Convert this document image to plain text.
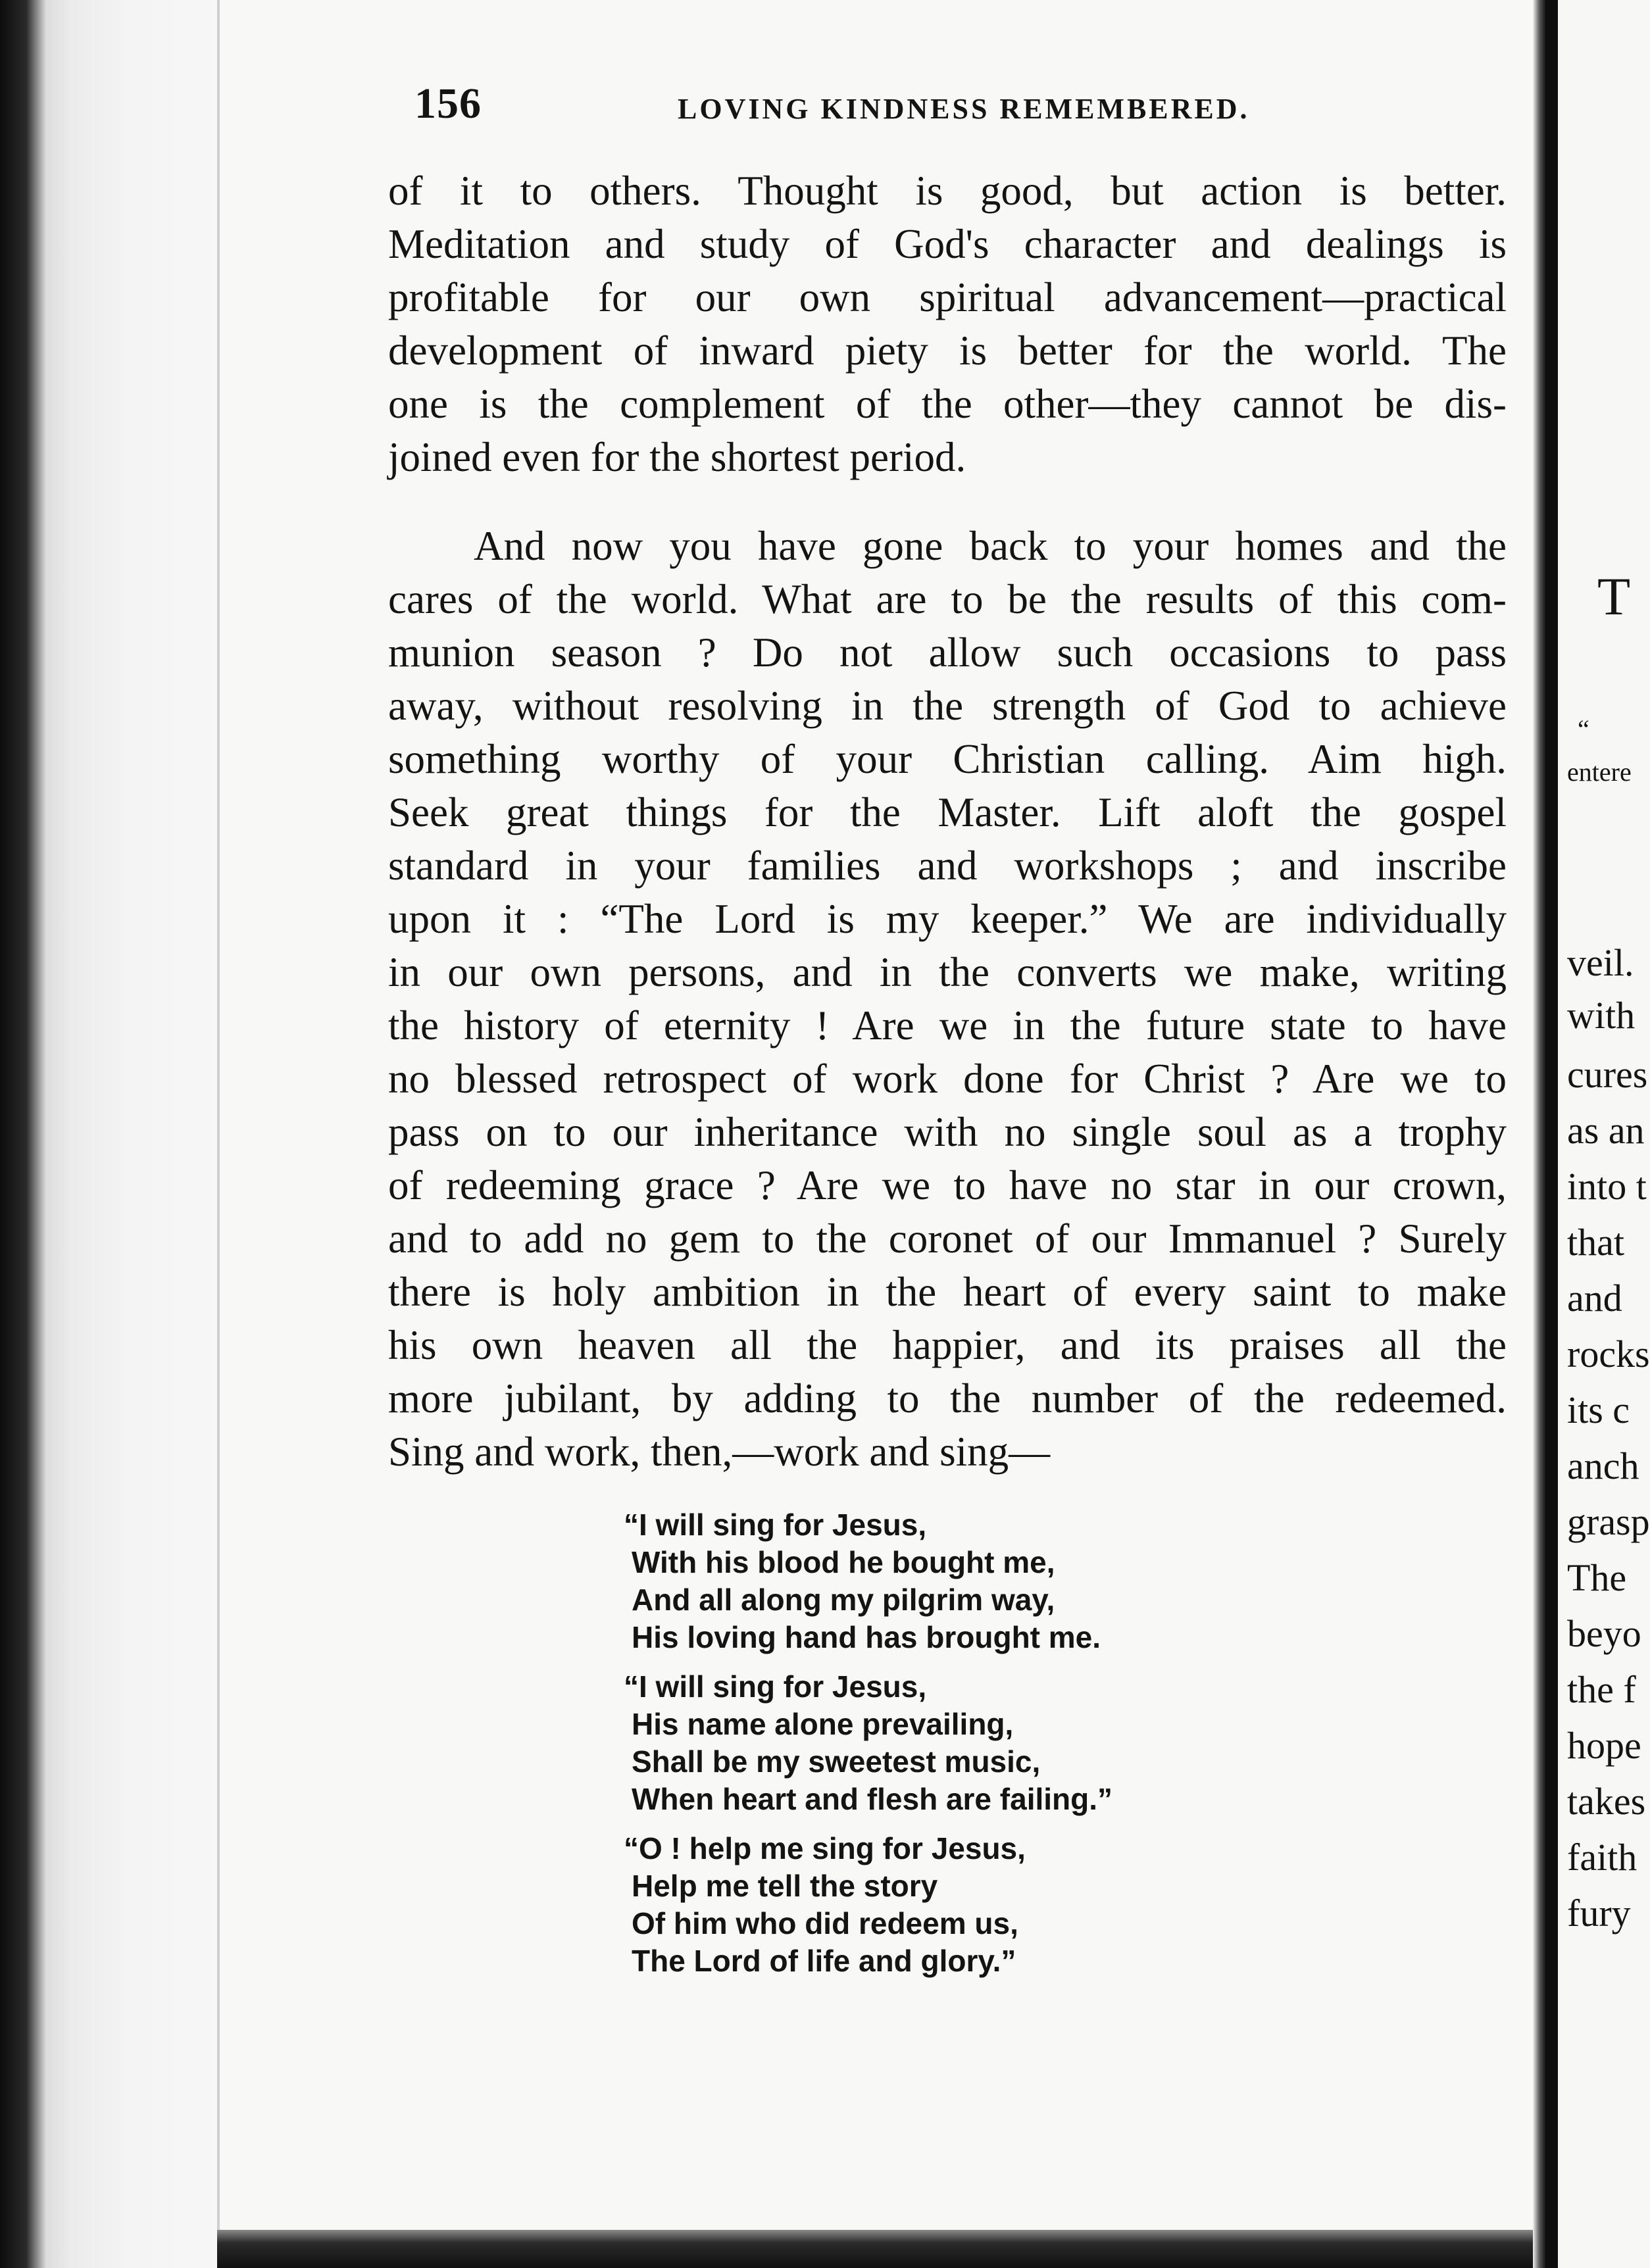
T
“
entere
veil.
with
cures
as an
into t
that
and
rocks
its c
anch
grasp
The
beyo
the f
hope
takes
faith
fury
156	LOVING KINDNESS REMEMBERED.
of it to others. Thought is good, but action is better.
Meditation and study of God's character and dealings is
profitable for our own spiritual advancement—practical
development of inward piety is better for the world. The
one is the complement of the other—they cannot be dis-
joined even for the shortest period.
And now you have gone back to your homes and the
cares of the world. What are to be the results of this com-
munion season ? Do not allow such occasions to pass
away, without resolving in the strength of God to achieve
something worthy of your Christian calling. Aim high.
Seek great things for the Master. Lift aloft the gospel
standard in your families and workshops ; and inscribe
upon it : “The Lord is my keeper.” We are individually
in our own persons, and in the converts we make, writing
the history of eternity ! Are we in the future state to have
no blessed retrospect of work done for Christ ? Are we to
pass on to our inheritance with no single soul as a trophy
of redeeming grace ? Are we to have no star in our crown,
and to add no gem to the coronet of our Immanuel ? Surely
there is holy ambition in the heart of every saint to make
his own heaven all the happier, and its praises all the
more jubilant, by adding to the number of the redeemed.
Sing and work, then,—work and sing—
“I will sing for Jesus,
With his blood he bought me,
And all along my pilgrim way,
His loving hand has brought me.
“I will sing for Jesus,
His name alone prevailing,
Shall be my sweetest music,
When heart and flesh are failing.”
“O ! help me sing for Jesus,
Help me tell the story
Of him who did redeem us,
The Lord of life and glory.”
